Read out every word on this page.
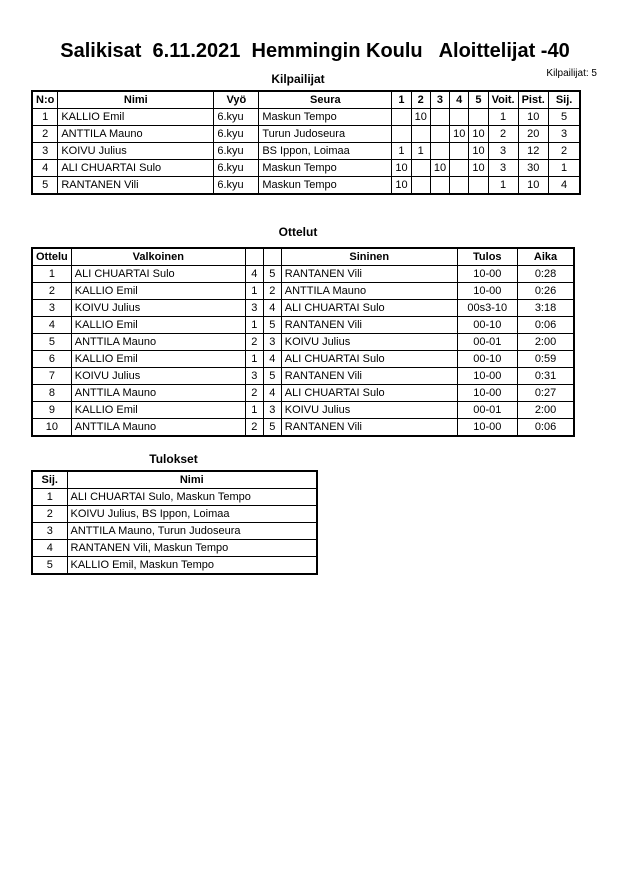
Salikisat  6.11.2021  Hemmingin Koulu   Aloittelijat -40
Kilpailijat	Kilpailijat: 5
N:o	Nimi	Vyö	Seura	1	2	3	4	5	Voit.	Pist.	Sij.
1	KALLIO Emil	6.kyu	Maskun Tempo		10				1	10	5
2	ANTTILA Mauno	6.kyu	Turun Judoseura				10	10	2	20	3
3	KOIVU Julius	6.kyu	BS Ippon, Loimaa	1	1			10	3	12	2
4	ALI CHUARTAI Sulo	6.kyu	Maskun Tempo	10		10		10	3	30	1
5	RANTANEN Vili	6.kyu	Maskun Tempo	10					1	10	4
Ottelut
Ottelu	Valkoinen			Sininen	Tulos	Aika
1	ALI CHUARTAI Sulo	4	5	RANTANEN Vili	10-00	0:28
2	KALLIO Emil	1	2	ANTTILA Mauno	10-00	0:26
3	KOIVU Julius	3	4	ALI CHUARTAI Sulo	00s3-10	3:18
4	KALLIO Emil	1	5	RANTANEN Vili	00-10	0:06
5	ANTTILA Mauno	2	3	KOIVU Julius	00-01	2:00
6	KALLIO Emil	1	4	ALI CHUARTAI Sulo	00-10	0:59
7	KOIVU Julius	3	5	RANTANEN Vili	10-00	0:31
8	ANTTILA Mauno	2	4	ALI CHUARTAI Sulo	10-00	0:27
9	KALLIO Emil	1	3	KOIVU Julius	00-01	2:00
10	ANTTILA Mauno	2	5	RANTANEN Vili	10-00	0:06
Tulokset
Sij.	Nimi
1	ALI CHUARTAI Sulo, Maskun Tempo
2	KOIVU Julius, BS Ippon, Loimaa
3	ANTTILA Mauno, Turun Judoseura
4	RANTANEN Vili, Maskun Tempo
5	KALLIO Emil, Maskun Tempo
